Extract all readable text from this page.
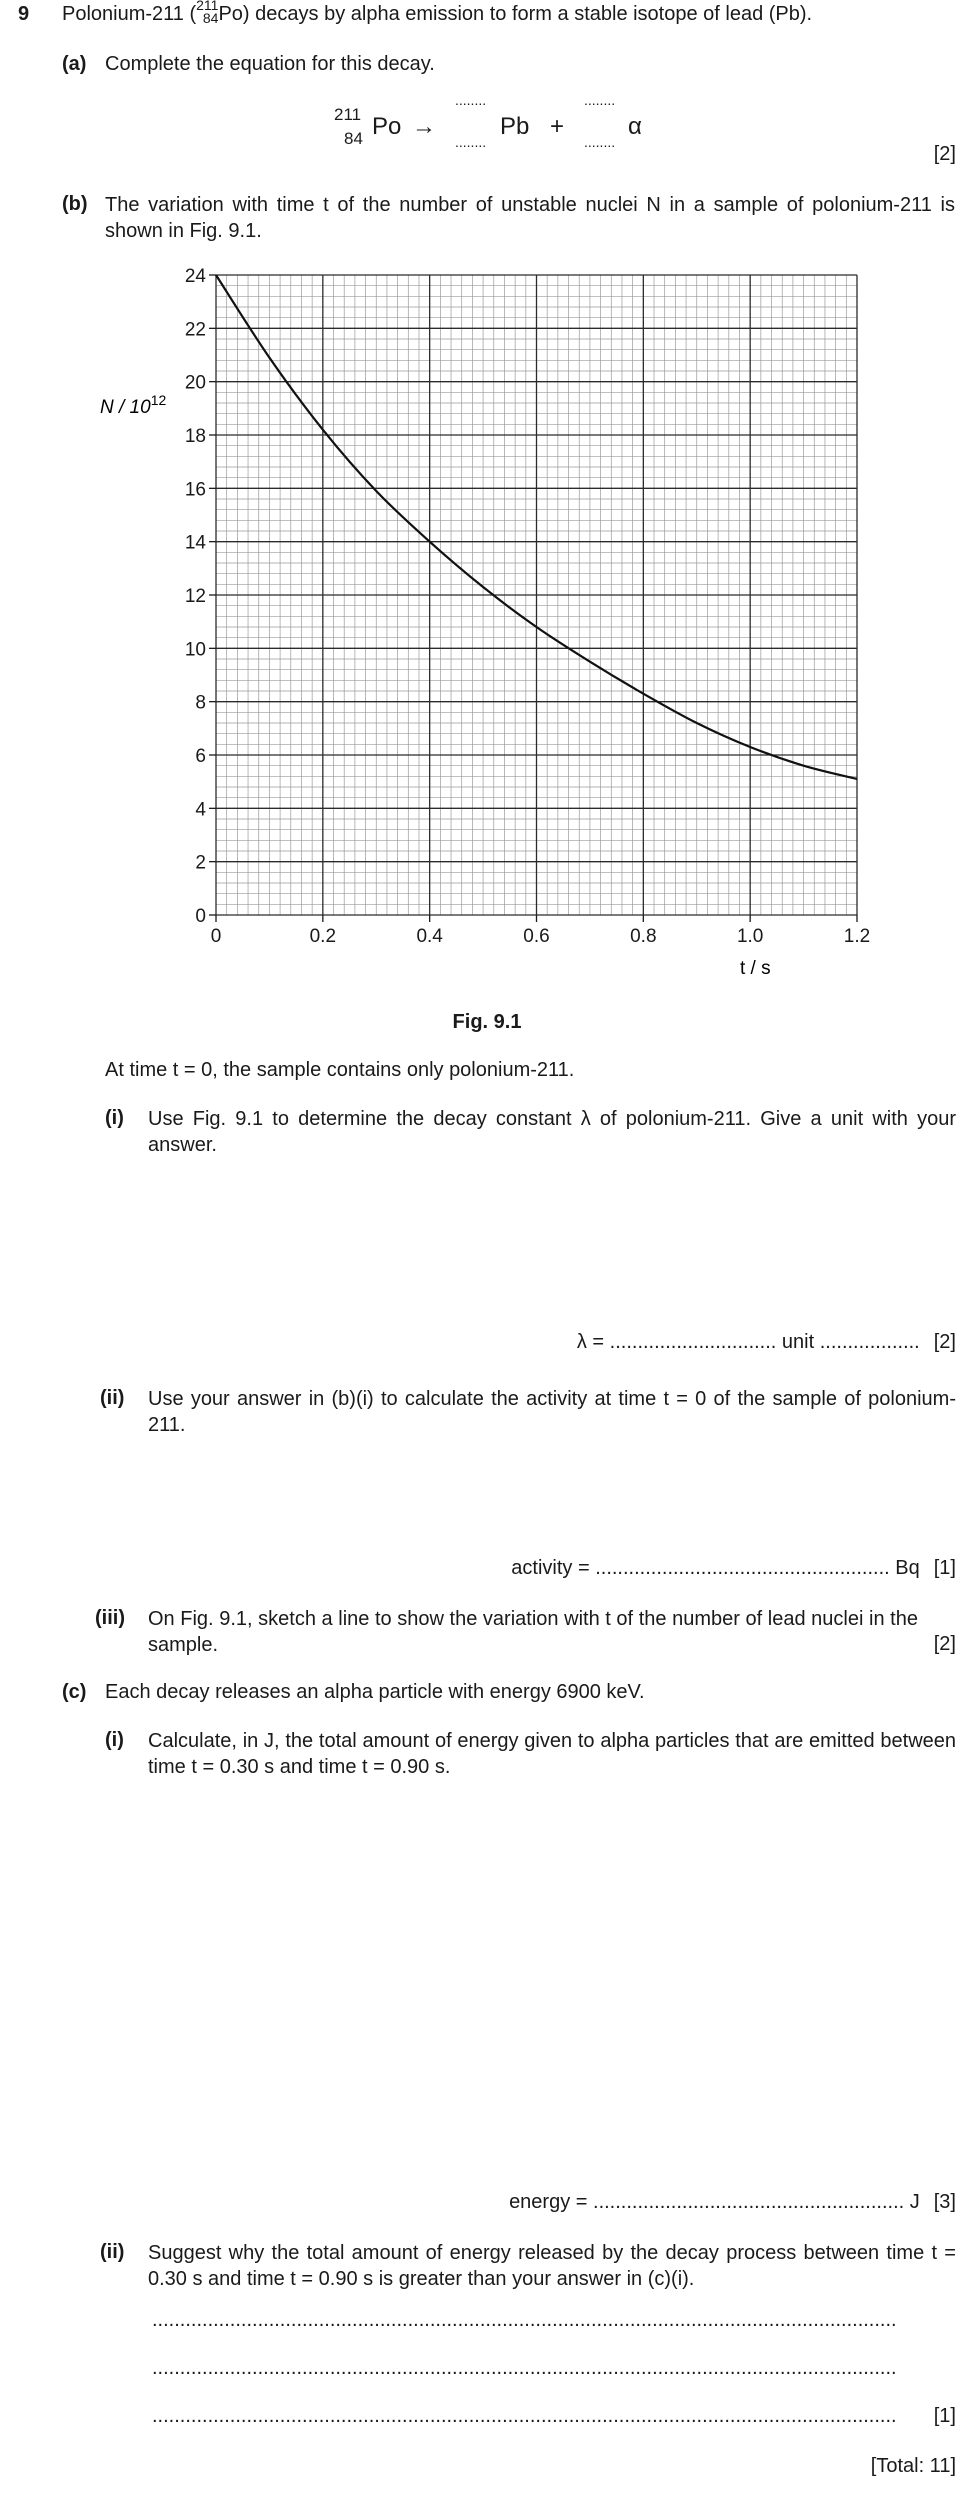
9 Polonium-211 (211
84Po) decays by alpha emission to form a stable isotope of lead (Pb).
(a) Complete the equation for this decay.
211
84 Po →
........
........
Pb +
........
........
α
[2]
(b) The variation with time t of the number of unstable nuclei N in a sample of polonium-211 is shown in Fig. 9.1.
0	0.2	0.4	0.6	0.8	1.0	1.2
0
2
4
6
8
10
12
14
16
18
20
22
24
N / $10^{12}$
t / s
Fig. 9.1
At time t = 0, the sample contains only polonium-211.
(i) Use Fig. 9.1 to determine the decay constant λ of polonium-211. Give a unit with your answer.
λ = .............................. unit .................. [2]
(ii) Use your answer in (b)(i) to calculate the activity at time t = 0 of the sample of polonium-211.
activity = ..................................................... Bq [1]
(iii) On Fig. 9.1, sketch a line to show the variation with t of the number of lead nuclei in the sample.	[2]
(c) Each decay releases an alpha particle with energy 6900 keV.
(i) Calculate, in J, the total amount of energy given to alpha particles that are emitted between time t = 0.30 s and time t = 0.90 s.
energy = ........................................................ J [3]
(ii) Suggest why the total amount of energy released by the decay process between time t = 0.30 s and time t = 0.90 s is greater than your answer in (c)(i).
......................................................................................................................................
......................................................................................................................................
......................................................................................................................................	[1]
[Total: 11]
